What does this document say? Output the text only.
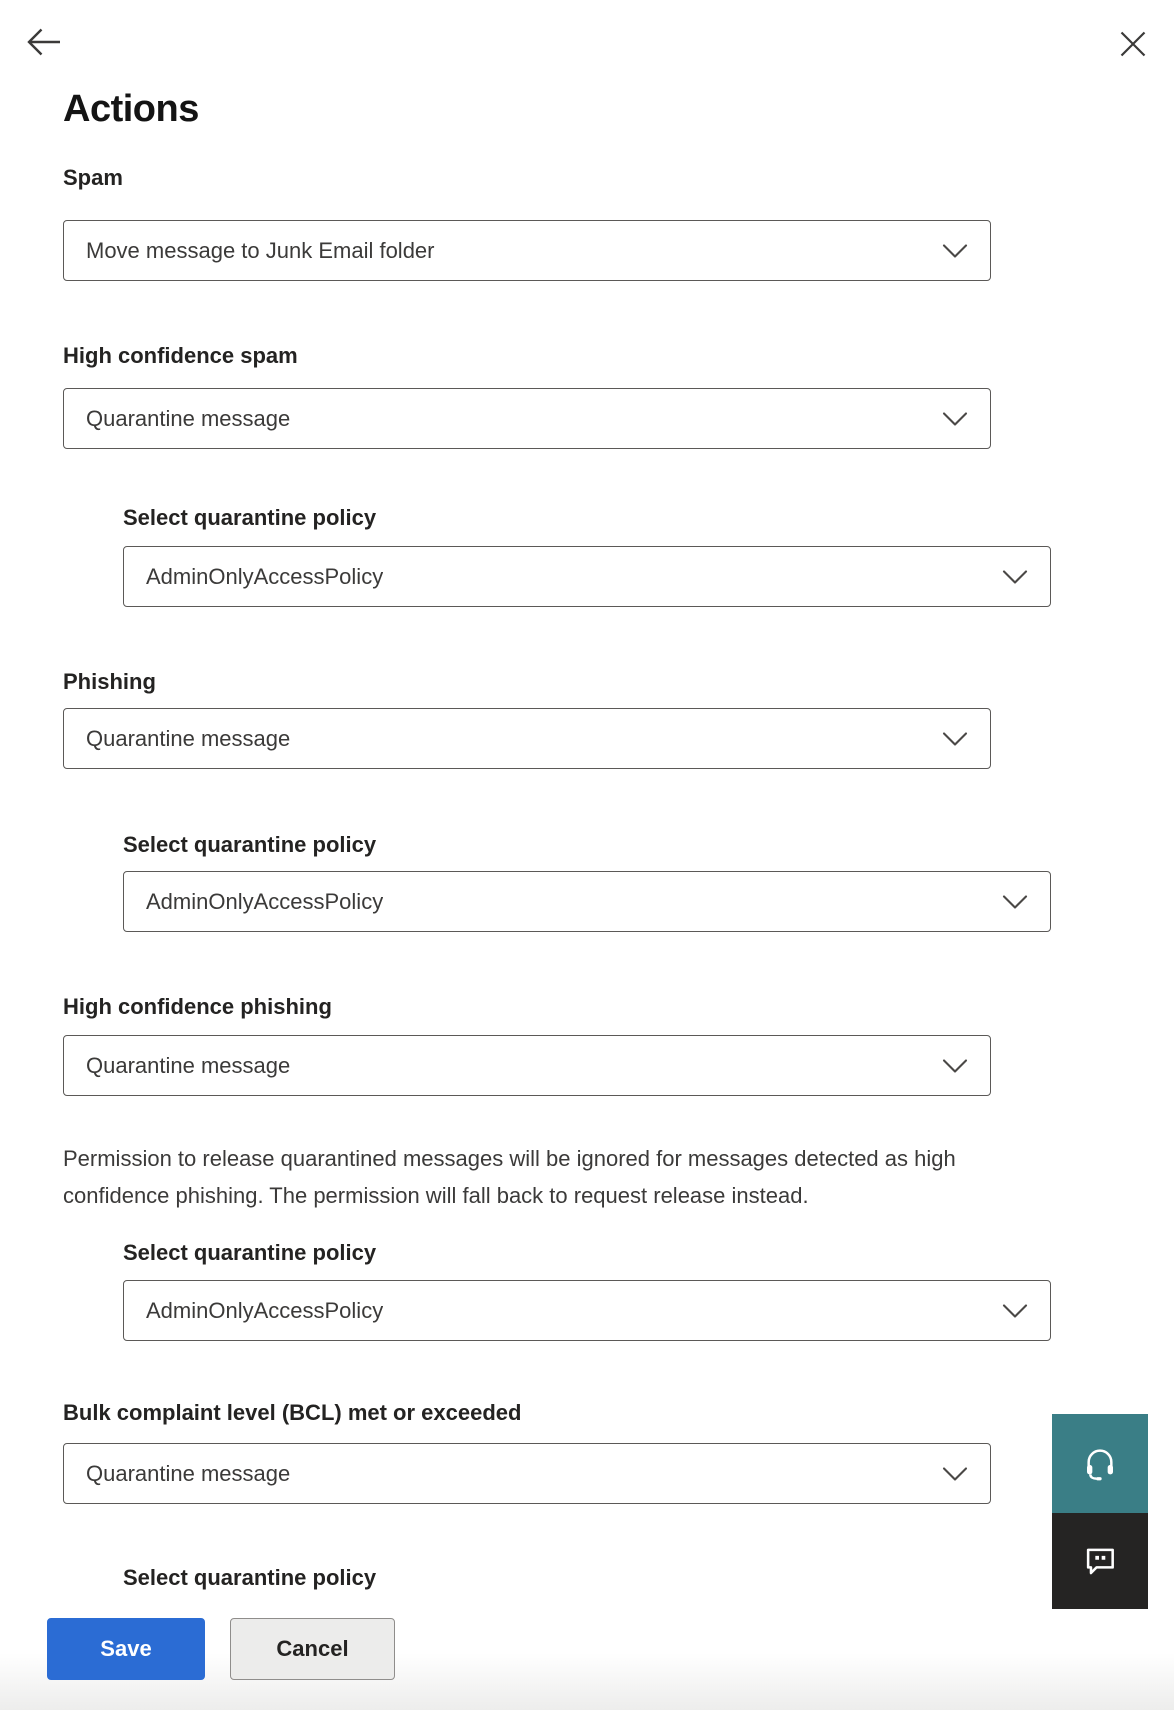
Actions
Spam
Move message to Junk Email folder
High confidence spam
Quarantine message
Select quarantine policy
AdminOnlyAccessPolicy
Phishing
Quarantine message
Select quarantine policy
AdminOnlyAccessPolicy
High confidence phishing
Quarantine message

Permission to release quarantined messages will be ignored for messages detected as high confidence phishing. The permission will fall back to request release instead.

Select quarantine policy
AdminOnlyAccessPolicy
Bulk complaint level (BCL) met or exceeded
Quarantine message
Select quarantine policy
Save	Cancel
